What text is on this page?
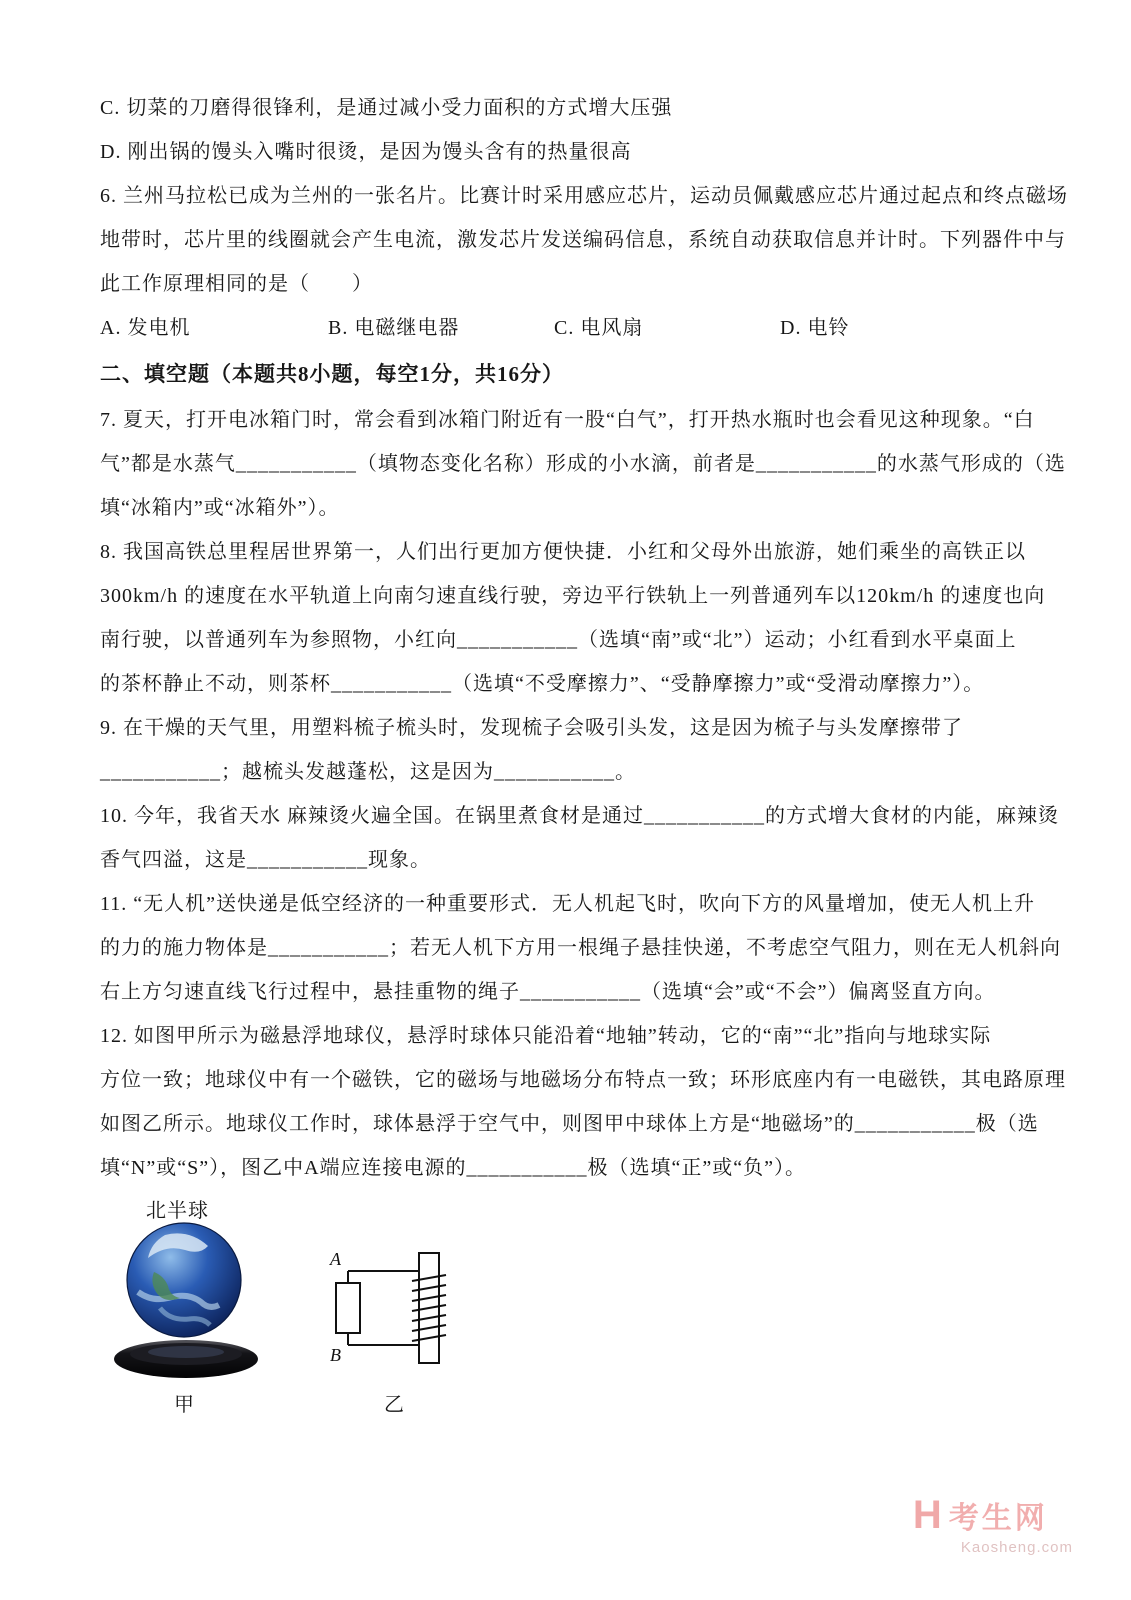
C. 切菜的刀磨得很锋利，是通过减小受力面积的方式增大压强
D. 刚出锅的馒头入嘴时很烫，是因为馒头含有的热量很高
6. 兰州马拉松已成为兰州的一张名片。比赛计时采用感应芯片，运动员佩戴感应芯片通过起点和终点磁场
地带时，芯片里的线圈就会产生电流，激发芯片发送编码信息，系统自动获取信息并计时。下列器件中与
此工作原理相同的是（　　）
A. 发电机	B. 电磁继电器	C. 电风扇	D. 电铃
二、填空题（本题共8小题，每空1分，共16分）
7. 夏天，打开电冰箱门时，常会看到冰箱门附近有一股“白气”，打开热水瓶时也会看见这种现象。“白
气”都是水蒸气___________（填物态变化名称）形成的小水滴，前者是___________的水蒸气形成的（选
填“冰箱内”或“冰箱外”）。
8. 我国高铁总里程居世界第一，人们出行更加方便快捷．小红和父母外出旅游，她们乘坐的高铁正以
300km/h 的速度在水平轨道上向南匀速直线行驶，旁边平行铁轨上一列普通列车以120km/h 的速度也向
南行驶，以普通列车为参照物，小红向___________（选填“南”或“北”）运动；小红看到水平桌面上
的茶杯静止不动，则茶杯___________（选填“不受摩擦力”、“受静摩擦力”或“受滑动摩擦力”）。
9. 在干燥的天气里，用塑料梳子梳头时，发现梳子会吸引头发，这是因为梳子与头发摩擦带了
___________；越梳头发越蓬松，这是因为___________。
10. 今年，我省天水 麻辣烫火遍全国。在锅里煮食材是通过___________的方式增大食材的内能，麻辣烫
香气四溢，这是___________现象。
11. “无人机”送快递是低空经济的一种重要形式．无人机起飞时，吹向下方的风量增加，使无人机上升
的力的施力物体是___________；若无人机下方用一根绳子悬挂快递，不考虑空气阻力，则在无人机斜向
右上方匀速直线飞行过程中，悬挂重物的绳子___________（选填“会”或“不会”）偏离竖直方向。
12. 如图甲所示为磁悬浮地球仪，悬浮时球体只能沿着“地轴”转动，它的“南”“北”指向与地球实际
方位一致；地球仪中有一个磁铁，它的磁场与地磁场分布特点一致；环形底座内有一电磁铁，其电路原理
如图乙所示。地球仪工作时，球体悬浮于空气中，则图甲中球体上方是“地磁场”的___________极（选
填“N”或“S”），图乙中A端应连接电源的___________极（选填“正”或“负”）。
北半球
A
B
甲	乙
H 考生网
Kaosheng.com
